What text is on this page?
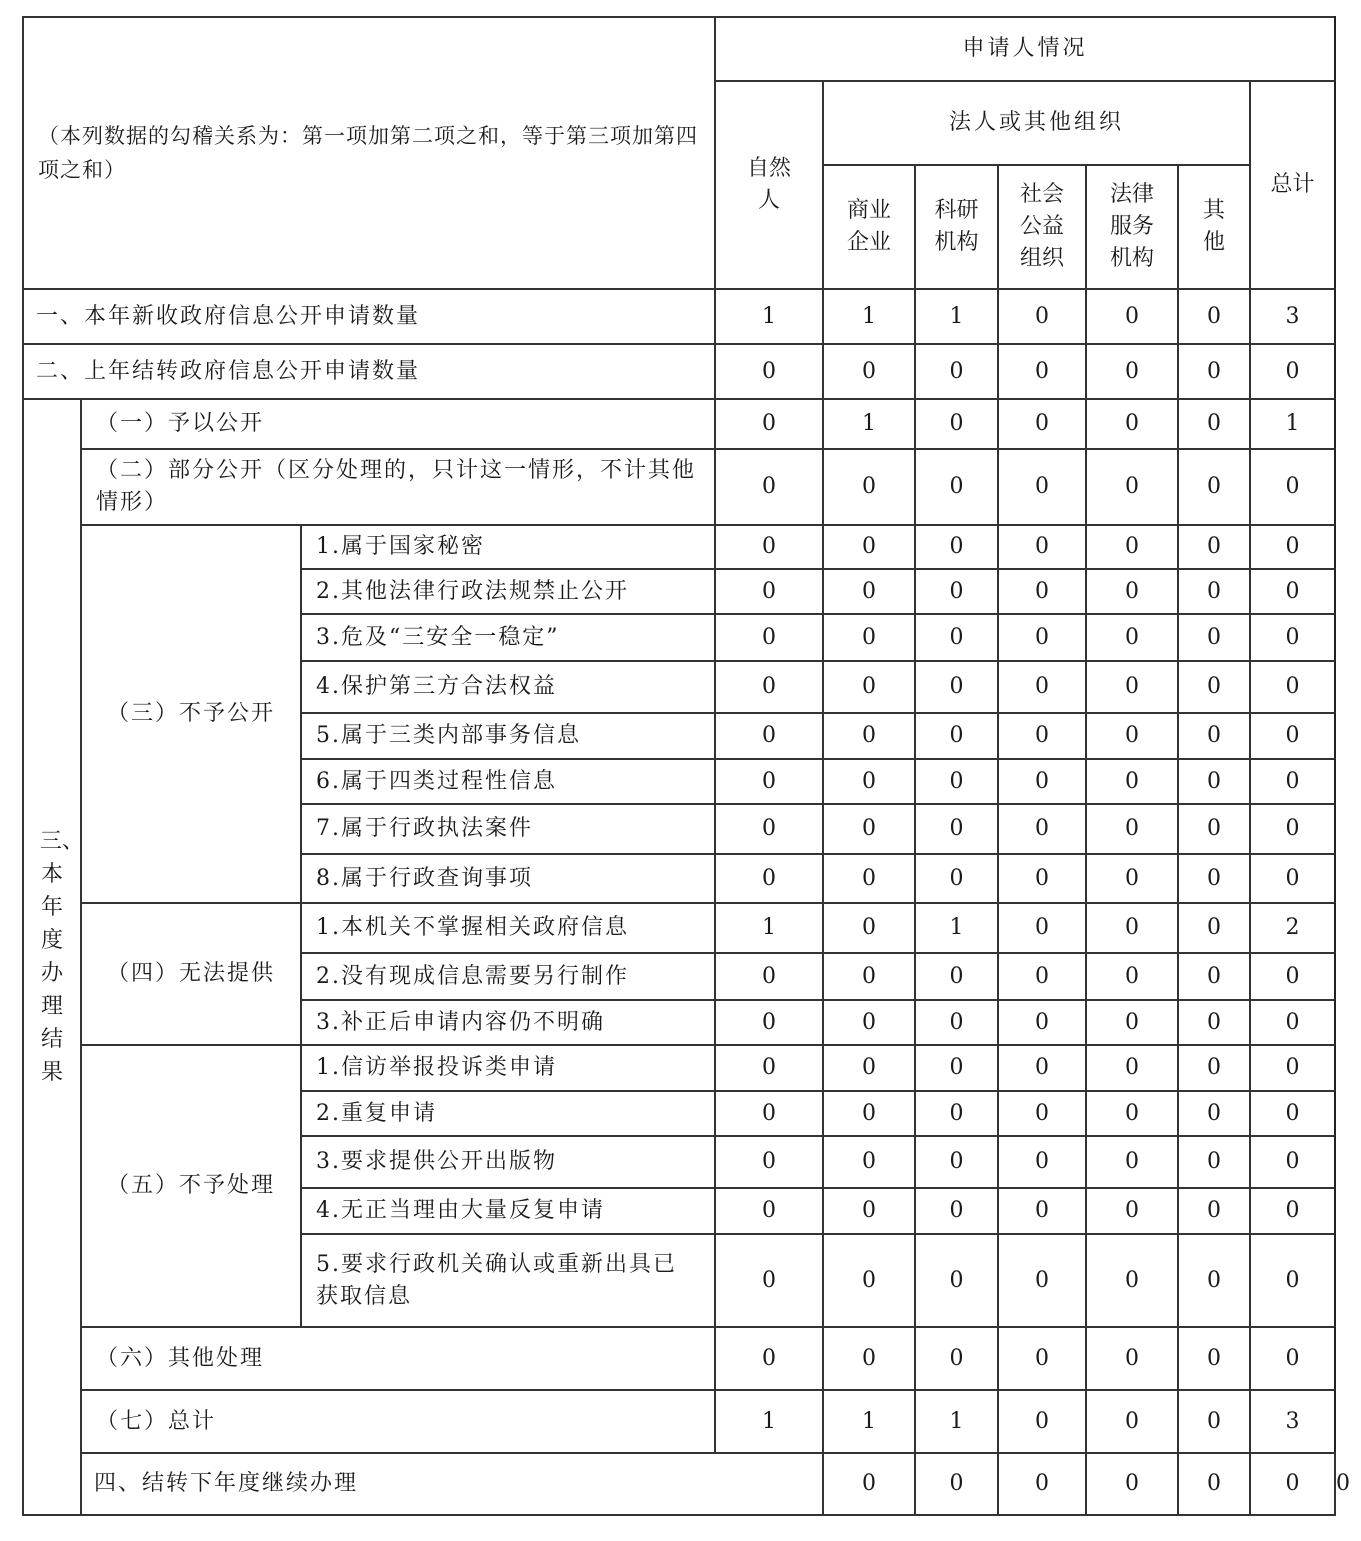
（本列数据的勾稽关系为：第一项加第二项之和，等于第三项加第四项之和）			申请人情况							

			自然人	法人或其他组织					总计	

				商业企业	科研机构	社会公益组织	法律服务机构	其他		

一、本年新收政府信息公开申请数量			1	1	1	0	0	0	3	
二、上年结转政府信息公开申请数量			0	0	0	0	0	0	0	

三、本年度办理结果	（一）予以公开		0	1	0	0	0	0	1	
	（二）部分公开（区分处理的，只计这一情形，不计其他情形）		0	0	0	0	0	0	0	
	（三）不予公开	1.属于国家秘密	0	0	0	0	0	0	0	
		2.其他法律行政法规禁止公开	0	0	0	0	0	0	0	
		3.危及“三安全一稳定”	0	0	0	0	0	0	0	
		4.保护第三方合法权益	0	0	0	0	0	0	0	
		5.属于三类内部事务信息	0	0	0	0	0	0	0	
		6.属于四类过程性信息	0	0	0	0	0	0	0	
		7.属于行政执法案件	0	0	0	0	0	0	0	
		8.属于行政查询事项	0	0	0	0	0	0	0	
	（四）无法提供	1.本机关不掌握相关政府信息	1	0	1	0	0	0	2	
		2.没有现成信息需要另行制作	0	0	0	0	0	0	0	
		3.补正后申请内容仍不明确	0	0	0	0	0	0	0	
	（五）不予处理	1.信访举报投诉类申请	0	0	0	0	0	0	0	
		2.重复申请	0	0	0	0	0	0	0	
		3.要求提供公开出版物	0	0	0	0	0	0	0	
		4.无正当理由大量反复申请	0	0	0	0	0	0	0	
		5.要求行政机关确认或重新出具已获取信息	0	0	0	0	0	0	0	
	（六）其他处理		0	0	0	0	0	0	0	
	（七）总计		1	1	1	0	0	0	3	
	四、结转下年度继续办理			0	0	0	0	0	0	0
